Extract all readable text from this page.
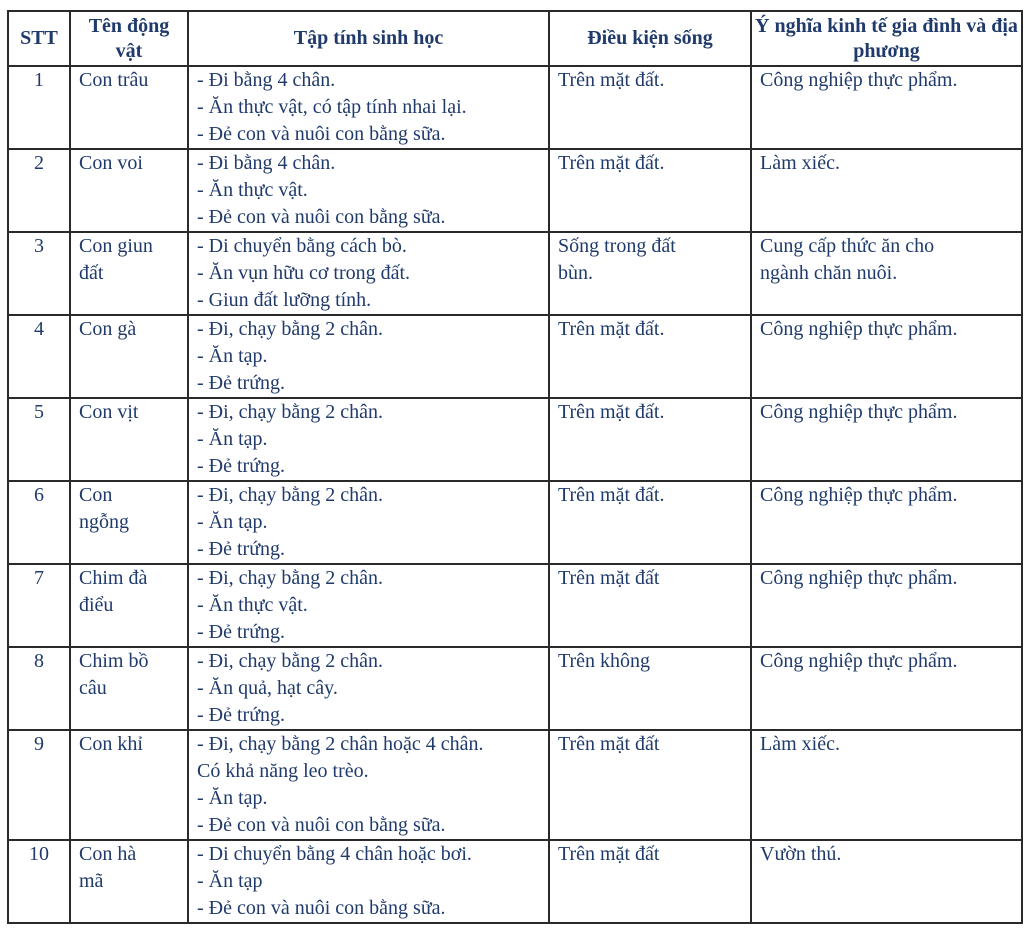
STT	Tên động vật	Tập tính sinh học	Điều kiện sống	Ý nghĩa kinh tế gia đình và địa phương
1	Con trâu	- Đi bằng 4 chân.
- Ăn thực vật, có tập tính nhai lại.
- Đẻ con và nuôi con bằng sữa.	Trên mặt đất.	Công nghiệp thực phẩm.

2	Con voi	- Đi bằng 4 chân.
- Ăn thực vật.
- Đẻ con và nuôi con bằng sữa.	Trên mặt đất.	Làm xiếc.

3	Con giun
đất	- Di chuyển bằng cách bò.
- Ăn vụn hữu cơ trong đất.
- Giun đất lưỡng tính.	Sống trong đất
bùn.	Cung cấp thức ăn cho
ngành chăn nuôi.

4	Con gà	- Đi, chạy bằng 2 chân.
- Ăn tạp.
- Đẻ trứng.	Trên mặt đất.	Công nghiệp thực phẩm.

5	Con vịt	- Đi, chạy bằng 2 chân.
- Ăn tạp.
- Đẻ trứng.	Trên mặt đất.	Công nghiệp thực phẩm.

6	Con
ngỗng	- Đi, chạy bằng 2 chân.
- Ăn tạp.
- Đẻ trứng.	Trên mặt đất.	Công nghiệp thực phẩm.

7	Chim đà
điểu	- Đi, chạy bằng 2 chân.
- Ăn thực vật.
- Đẻ trứng.	Trên mặt đất	Công nghiệp thực phẩm.

8	Chim bồ
câu	- Đi, chạy bằng 2 chân.
- Ăn quả, hạt cây.
- Đẻ trứng.	Trên không	Công nghiệp thực phẩm.

9	Con khỉ	- Đi, chạy bằng 2 chân hoặc 4 chân.
Có khả năng leo trèo.
- Ăn tạp.
- Đẻ con và nuôi con bằng sữa.	Trên mặt đất	Làm xiếc.

10	Con hà
mã	- Di chuyển bằng 4 chân hoặc bơi.
- Ăn tạp
- Đẻ con và nuôi con bằng sữa.	Trên mặt đất	Vườn thú.
